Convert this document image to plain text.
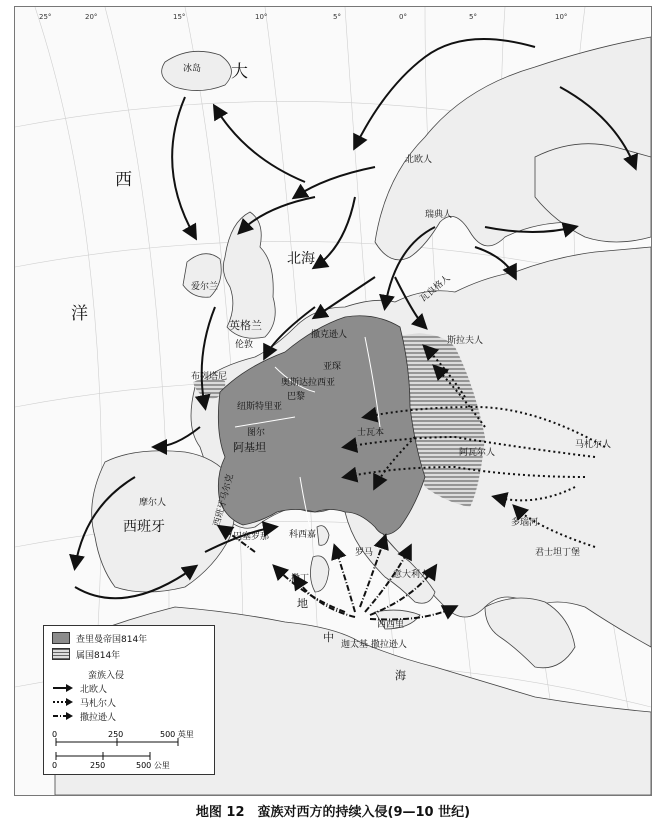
25°	20°	15°	10°	5°	0°	5°	10°
冰岛 大
西
洋
北海
北欧人
瑞典人
瓦良格人
爱尔兰
英格兰
伦敦
撒克逊人
斯拉夫人
亚琛
布列塔尼
奥斯达拉西亚
巴黎
纽斯特里亚
图尔
阿基坦
士瓦本
阿瓦尔人
马札尔人
多瑙河
摩尔人
西班牙	西班牙马尔克
巴塞罗那 科西嘉
撒丁
罗马
意大利人
西西里
君士坦丁堡
迦太基 撒拉逊人
地
中
海
查里曼帝国814年
属国814年
蛮族入侵
北欧人
马札尔人
撒拉逊人
0	250	500 英里
0	250	500 公里
地图 12　蛮族对西方的持续入侵(9—10 世纪)
